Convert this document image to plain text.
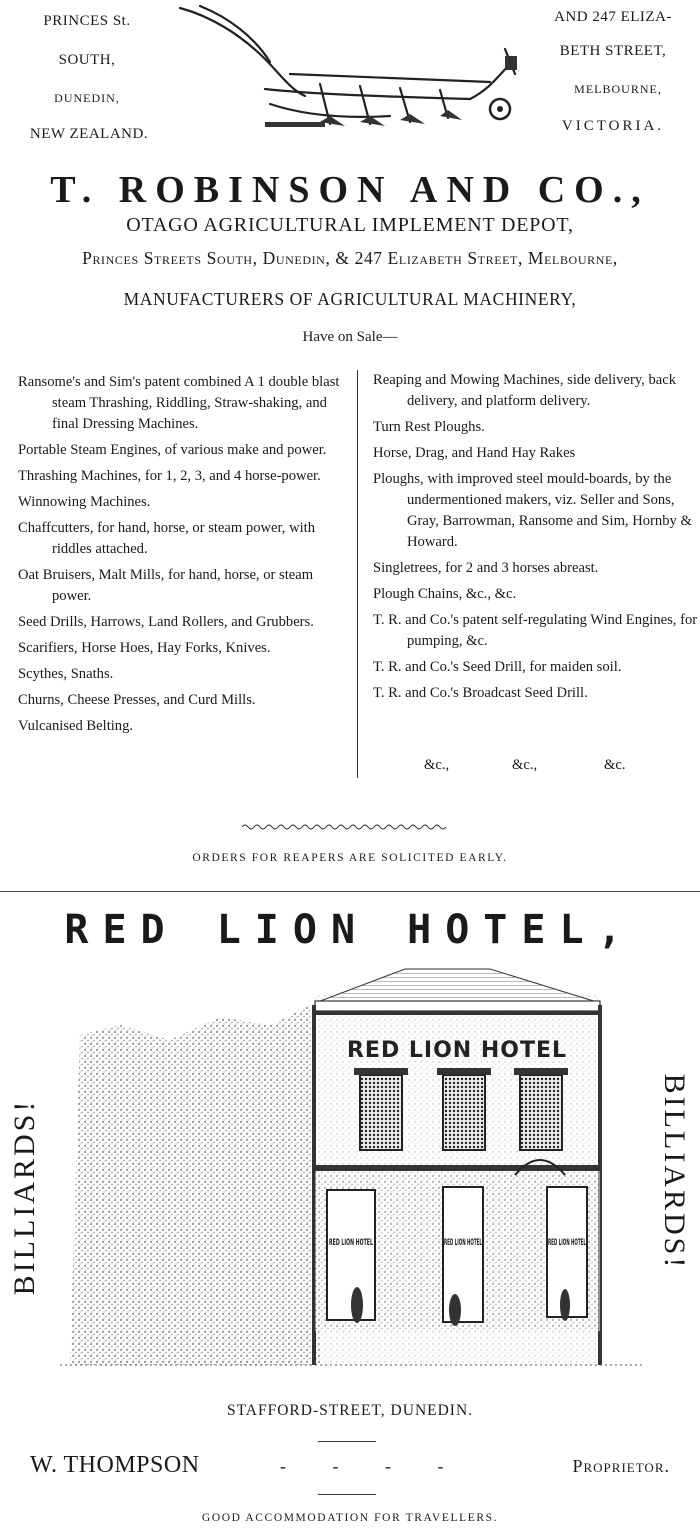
PRINCES St.
SOUTH,
DUNEDIN,
NEW ZEALAND.
AND 247 ELIZA-
BETH STREET,
MELBOURNE,
VICTORIA.
T. ROBINSON AND CO.,
OTAGO AGRICULTURAL IMPLEMENT DEPOT,
Princes Streets South, Dunedin, & 247 Elizabeth Street, Melbourne,
MANUFACTURERS OF AGRICULTURAL MACHINERY,
Have on Sale—

Ransome's and Sim's patent combined A 1 double blast steam Thrashing, Riddling, Straw-shaking, and final Dressing Machines.

Portable Steam Engines, of various make and power.

Thrashing Machines, for 1, 2, 3, and 4 horse-power.

Winnowing Machines.

Chaffcutters, for hand, horse, or steam power, with riddles attached.

Oat Bruisers, Malt Mills, for hand, horse, or steam power.

Seed Drills, Harrows, Land Rollers, and Grubbers.

Scarifiers, Horse Hoes, Hay Forks, Knives.

Scythes, Snaths.

Churns, Cheese Presses, and Curd Mills.

Vulcanised Belting.

Reaping and Mowing Machines, side delivery, back delivery, and platform delivery.

Turn Rest Ploughs.

Horse, Drag, and Hand Hay Rakes

Ploughs, with improved steel mould-boards, by the undermentioned makers, viz. Seller and Sons, Gray, Barrowman, Ransome and Sim, Hornby & Howard.

Singletrees, for 2 and 3 horses abreast.

Plough Chains, &c., &c.

T. R. and Co.'s patent self-regulating Wind Engines, for pumping, &c.

T. R. and Co.'s Seed Drill, for maiden soil.

T. R. and Co.'s Broadcast Seed Drill.

&c.,	&c.,	&c.
ORDERS FOR REAPERS ARE SOLICITED EARLY.
RED LION HOTEL,
BILLIARDS!	BILLIARDS!
RED LION HOTEL
RED LION HOTEL	RED LION HOTEL	RED LION HOTEL
STAFFORD-STREET, DUNEDIN.
W. THOMPSON	- - - -	Proprietor.
GOOD ACCOMMODATION FOR TRAVELLERS.
